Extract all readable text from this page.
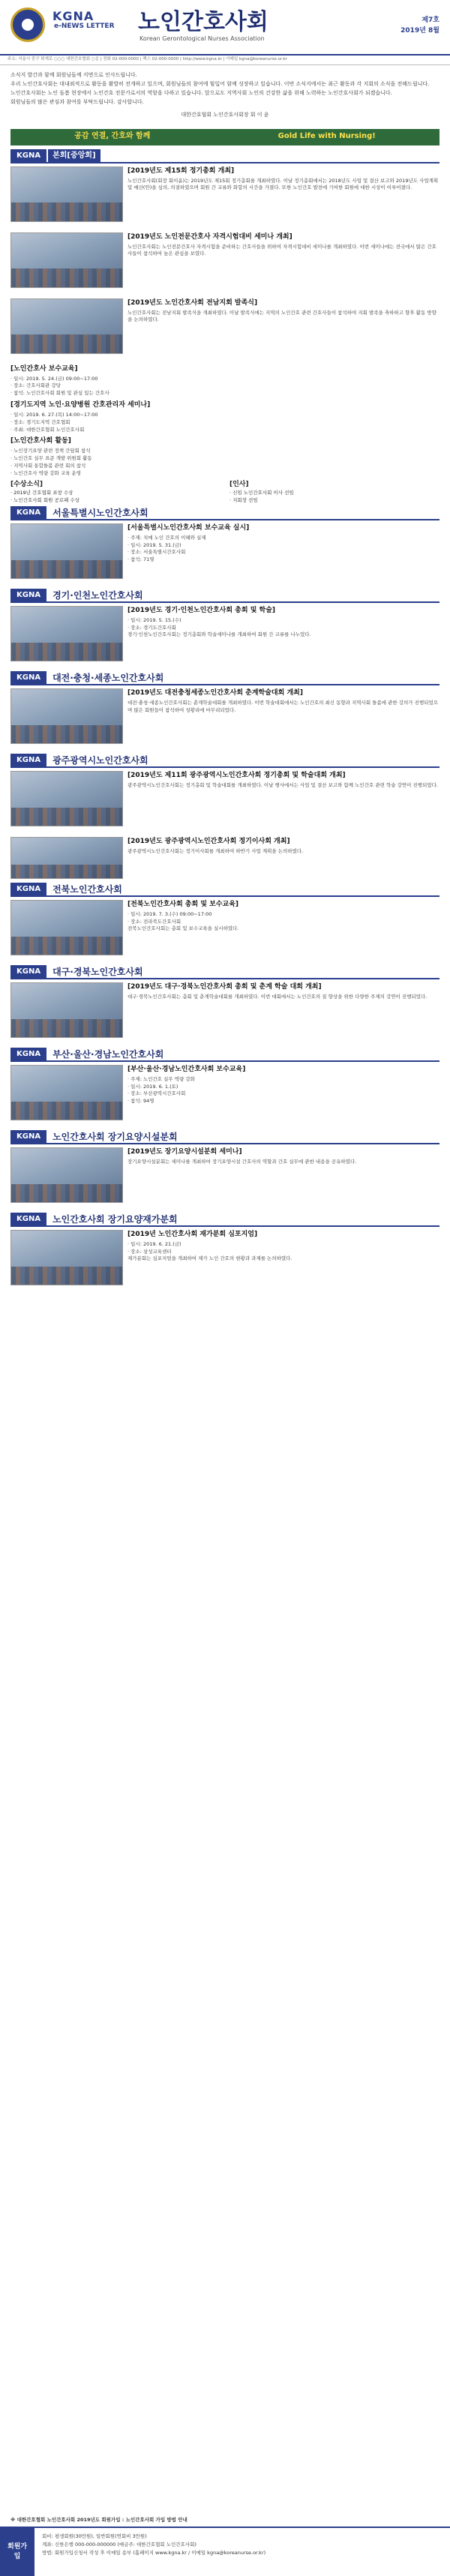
KGNA
e-NEWS LETTER 노인간호사회
Korean Gerontological Nurses Association
제7호
2019년 8월
주소: 서울시 중구 퇴계로 ○○○ 대한간호협회 ○층 | 전화 02-000-0000 | 팩스 02-000-0000 | http://www.kgna.kr | 이메일 kgna@koreanurse.or.kr

소식지 발간과 함께 회원님들께 지면으로 인사드립니다.

우리 노인간호사회는 대내외적으로 활동을 활발히 전개하고 있으며, 회원님들의 참여에 힘입어 함께 성장하고 있습니다. 이번 소식지에서는 최근 활동과 각 지회의 소식을 전해드립니다.

노인간호사회는 노인 돌봄 현장에서 노인간호 전문가로서의 역할을 다하고 있습니다. 앞으로도 지역사회 노인의 건강한 삶을 위해 노력하는 노인간호사회가 되겠습니다.

회원님들의 많은 관심과 참여를 부탁드립니다. 감사합니다.

대한간호협회 노인간호사회장 회 이 윤

공감 연결, 간호와 함께	Gold Life with Nursing!
KGNA	본회[중앙회]
[2019년도 제15회 정기총회 개최]
노인간호사회(회장 회이윤)는 2019년도 제15회 정기총회를 개최하였다. 이날 정기총회에서는 2018년도 사업 및 결산 보고와 2019년도 사업계획 및 예산(안)을 심의, 의결하였으며 회원 간 교류와 화합의 시간을 가졌다. 또한 노인간호 발전에 기여한 회원에 대한 시상이 이루어졌다.
[2019년도 노인전문간호사 자격시험대비 세미나 개최]
노인간호사회는 노인전문간호사 자격시험을 준비하는 간호사들을 위하여 자격시험대비 세미나를 개최하였다. 이번 세미나에는 전국에서 많은 간호사들이 참석하여 높은 관심을 보였다.
[2019년도 노인간호사회 전남지회 발족식]
노인간호사회는 전남지회 발족식을 개최하였다. 이날 발족식에는 지역의 노인간호 관련 간호사들이 참석하여 지회 발족을 축하하고 향후 활동 방향을 논의하였다.
[노인간호사 보수교육]
· 일시: 2019. 5. 24.(금) 09:00~17:00
· 장소: 간호사회관 강당
· 참석: 노인간호사회 회원 및 관심 있는 간호사
[경기도지역 노인·요양병원 간호관리자 세미나]
· 일시: 2019. 6. 27.(목) 14:00~17:00
· 장소: 경기도지역 간호협회
· 주최: 대한간호협회 노인간호사회
[노인간호사회 활동]
· 노인장기요양 관련 정책 간담회 참석
· 노인간호 실무 표준 개발 위원회 활동
· 지역사회 통합돌봄 관련 회의 참석
· 노인간호사 역량 강화 교육 운영
[수상소식]
· 2019년 간호협회 표창 수상
· 노인간호사회 회원 공로패 수상
[인사]
· 신임 노인간호사회 이사 선임
· 지회장 선임
KGNA	서울특별시노인간호사회
[서울특별시노인간호사회 보수교육 실시]
· 주제: 치매 노인 간호의 이해와 실제
· 일시: 2019. 5. 31.(금)
· 장소: 서울특별시간호사회
· 참석: 71명
KGNA	경기·인천노인간호사회
[2019년도 경기·인천노인간호사회 총회 및 학술]
· 일시: 2019. 5. 15.(수)
· 장소: 경기도간호사회
경기·인천노인간호사회는 정기총회와 학술세미나를 개최하여 회원 간 교류를 나누었다.
KGNA	대전·충청·세종노인간호사회
[2019년도 대전충청세종노인간호사회 춘계학술대회 개최]
대전·충청·세종노인간호사회는 춘계학술대회를 개최하였다. 이번 학술대회에서는 노인간호의 최신 동향과 지역사회 돌봄에 관한 강의가 진행되었으며 많은 회원들이 참석하여 성황리에 마무리되었다.
KGNA	광주광역시노인간호사회
[2019년도 제11회 광주광역시노인간호사회 정기총회 및 학술대회 개최]
광주광역시노인간호사회는 정기총회 및 학술대회를 개최하였다. 이날 행사에서는 사업 및 결산 보고와 함께 노인간호 관련 학술 강연이 진행되었다.
[2019년도 광주광역시노인간호사회 정기이사회 개최]
광주광역시노인간호사회는 정기이사회를 개최하여 하반기 사업 계획을 논의하였다.
KGNA	전북노인간호사회
[전북노인간호사회 총회 및 보수교육]
· 일시: 2019. 7. 3.(수) 09:00~17:00
· 장소: 전라북도간호사회
전북노인간호사회는 총회 및 보수교육을 실시하였다.
KGNA	대구·경북노인간호사회
[2019년도 대구·경북노인간호사회 총회 및 춘계 학술 대회 개최]
대구·경북노인간호사회는 총회 및 춘계학술대회를 개최하였다. 이번 대회에서는 노인간호의 질 향상을 위한 다양한 주제의 강연이 진행되었다.
KGNA	부산·울산·경남노인간호사회
[부산·울산·경남노인간호사회 보수교육]
· 주제: 노인간호 실무 역량 강화
· 일시: 2019. 6. 1.(토)
· 장소: 부산광역시간호사회
· 참석: 94명
KGNA	노인간호사회 장기요양시설분회
[2019년도 장기요양시설분회 세미나]
장기요양시설분회는 세미나를 개최하여 장기요양시설 간호사의 역할과 간호 실무에 관한 내용을 공유하였다.
KGNA	노인간호사회 장기요양재가분회
[2019년 노인간호사회 재가분회 심포지엄]
· 일시: 2019. 6. 21.(금)
· 장소: 삼성교육센터
재가분회는 심포지엄을 개최하여 재가 노인 간호의 현황과 과제를 논의하였다.
※ 대한간호협회 노인간호사회 2019년도 회원가입 : 노인간호사회 가입 방법 안내
회원가입
회비: 평생회원(30만원), 일반회원(연회비 3만원)
계좌: 신한은행 000-000-000000 (예금주: 대한간호협회 노인간호사회)
방법: 회원가입신청서 작성 후 이메일 송부 (홈페이지 www.kgna.kr / 이메일 kgna@koreanurse.or.kr)
